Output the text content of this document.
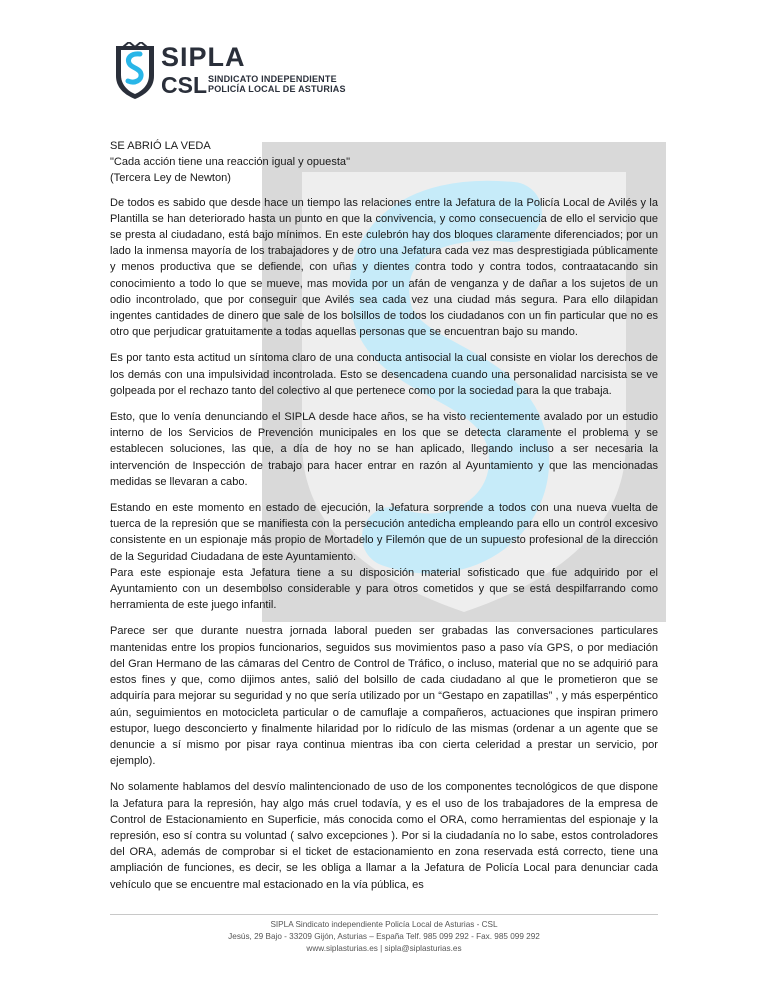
SIPLA
CSL SINDICATO INDEPENDIENTE
POLICÍA LOCAL DE ASTURIAS

SE ABRIÓ LA VEDA

"Cada acción tiene una reacción igual y opuesta"

(Tercera Ley de Newton)

De todos es sabido que desde hace un tiempo las relaciones entre la Jefatura de la Policía Local de Avilés y la Plantilla se han deteriorado hasta un punto en que la convivencia, y como consecuencia de ello el servicio que se presta al ciudadano, está bajo mínimos. En este culebrón hay dos bloques claramente diferenciados; por un lado la inmensa mayoría de los trabajadores y de otro una Jefatura cada vez mas desprestigiada públicamente y menos productiva que se defiende, con uñas y dientes contra todo y contra todos, contraatacando sin conocimiento a todo lo que se mueve, mas movida por un afán de venganza y de dañar a los sujetos de un odio incontrolado, que por conseguir que Avilés sea cada vez una ciudad más segura. Para ello dilapidan ingentes cantidades de dinero que sale de los bolsillos de todos los ciudadanos con un fin particular que no es otro que perjudicar gratuitamente a todas aquellas personas que se encuentran bajo su mando.

Es por tanto esta actitud un síntoma claro de una conducta antisocial la cual consiste en violar los derechos de los demás con una impulsividad incontrolada. Esto se desencadena cuando una personalidad narcisista se ve golpeada por el rechazo tanto del colectivo al que pertenece como por la sociedad para la que trabaja.

Esto, que lo venía denunciando el SIPLA desde hace años, se ha visto recientemente avalado por un estudio interno de los Servicios de Prevención municipales en los que se detecta claramente el problema y se establecen soluciones, las que, a día de hoy no se han aplicado, llegando incluso a ser necesaria la intervención de Inspección de trabajo para hacer entrar en razón al Ayuntamiento y que las mencionadas medidas se llevaran a cabo.

Estando en este momento en estado de ejecución, la Jefatura sorprende a todos con una nueva vuelta de tuerca de la represión que se manifiesta con la persecución antedicha empleando para ello un control excesivo consistente en un espionaje más propio de Mortadelo y Filemón que de un supuesto profesional de la dirección de la Seguridad Ciudadana de este Ayuntamiento.
Para este espionaje esta Jefatura tiene a su disposición material sofisticado que fue adquirido por el Ayuntamiento con un desembolso considerable y para otros cometidos y que se está despilfarrando como herramienta de este juego infantil.

Parece ser que durante nuestra jornada laboral pueden ser grabadas las conversaciones particulares mantenidas entre los propios funcionarios, seguidos sus movimientos paso a paso vía GPS, o por mediación del Gran Hermano de las cámaras del Centro de Control de Tráfico, o incluso, material que no se adquirió para estos fines y que, como dijimos antes, salió del bolsillo de cada ciudadano al que le prometieron que se adquiría para mejorar su seguridad y no que sería utilizado por un “Gestapo en zapatillas” , y más esperpéntico aún, seguimientos en motocicleta particular o de camuflaje a compañeros, actuaciones que inspiran primero estupor, luego desconcierto y finalmente hilaridad por lo ridículo de las mismas (ordenar a un agente que se denuncie a sí mismo por pisar raya continua mientras iba con cierta celeridad a prestar un servicio, por ejemplo).

No solamente hablamos del desvío malintencionado de uso de los componentes tecnológicos de que dispone la Jefatura para la represión, hay algo más cruel todavía, y es el uso de los trabajadores de la empresa de Control de Estacionamiento en Superficie, más conocida como el ORA, como herramientas del espionaje y la represión, eso sí contra su voluntad ( salvo excepciones ). Por si la ciudadanía no lo sabe, estos controladores del ORA, además de comprobar si el ticket de estacionamiento en zona reservada está correcto, tiene una ampliación de funciones, es decir, se les obliga a llamar a la Jefatura de Policía Local para denunciar cada vehículo que se encuentre mal estacionado en la vía pública, es

SIPLA Sindicato independiente Policía Local de Asturias - CSL
Jesús, 29 Bajo - 33209 Gijón, Asturias – España Telf. 985 099 292 - Fax. 985 099 292
www.siplasturias.es | sipla@siplasturias.es
